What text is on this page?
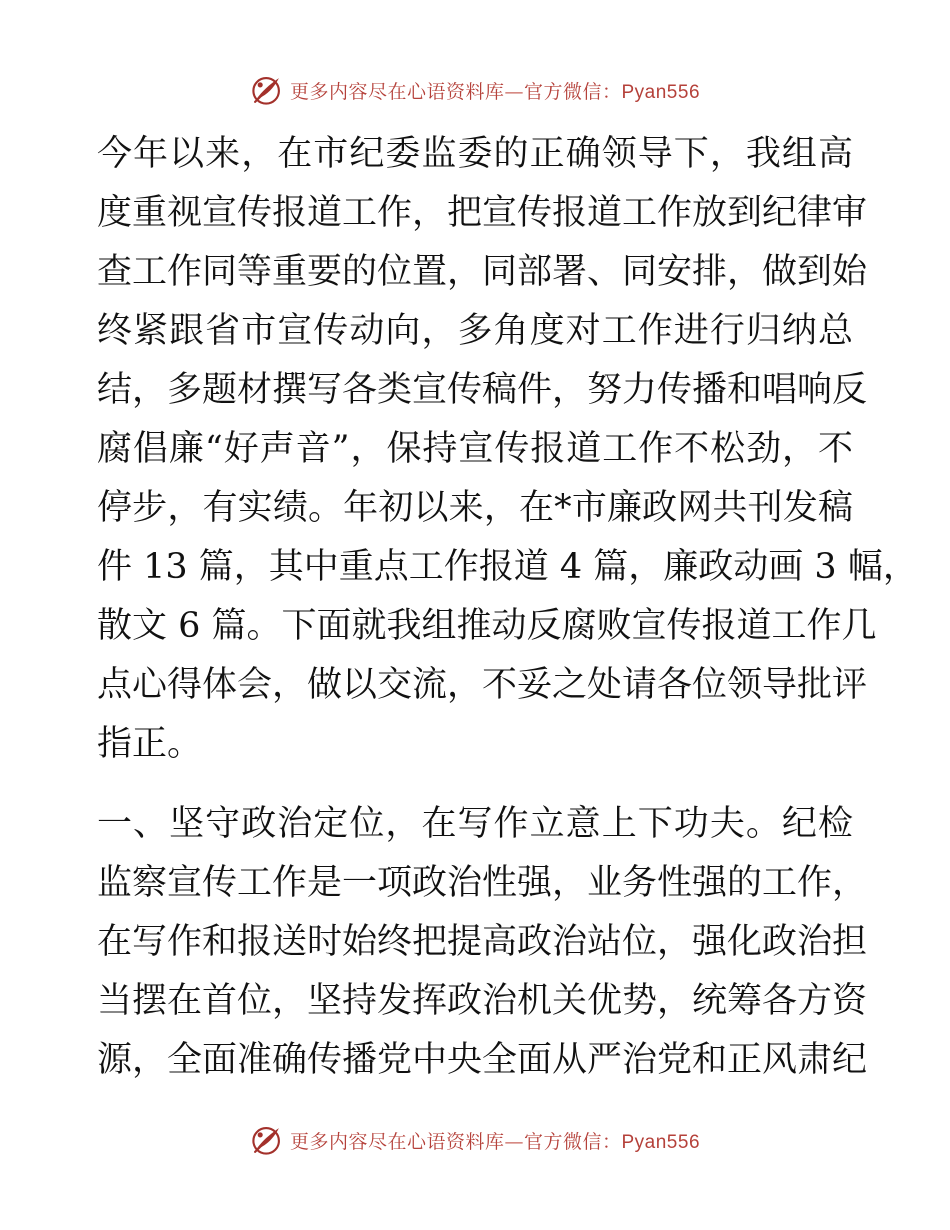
更多内容尽在心语资料库—官方微信：Pyan556
今年以来，在市纪委监委的正确领导下，我组高
度重视宣传报道工作，把宣传报道工作放到纪律审
查工作同等重要的位置，同部署、同安排，做到始
终紧跟省市宣传动向，多角度对工作进行归纳总
结，多题材撰写各类宣传稿件，努力传播和唱响反
腐倡廉“好声音”，保持宣传报道工作不松劲，不
停步，有实绩。年初以来，在*市廉政网共刊发稿
件 13 篇，其中重点工作报道 4 篇，廉政动画 3 幅，
散文 6 篇。下面就我组推动反腐败宣传报道工作几
点心得体会，做以交流，不妥之处请各位领导批评
指正。
一、坚守政治定位，在写作立意上下功夫。纪检
监察宣传工作是一项政治性强，业务性强的工作，
在写作和报送时始终把提高政治站位，强化政治担
当摆在首位，坚持发挥政治机关优势，统筹各方资
源，全面准确传播党中央全面从严治党和正风肃纪
更多内容尽在心语资料库—官方微信：Pyan556
